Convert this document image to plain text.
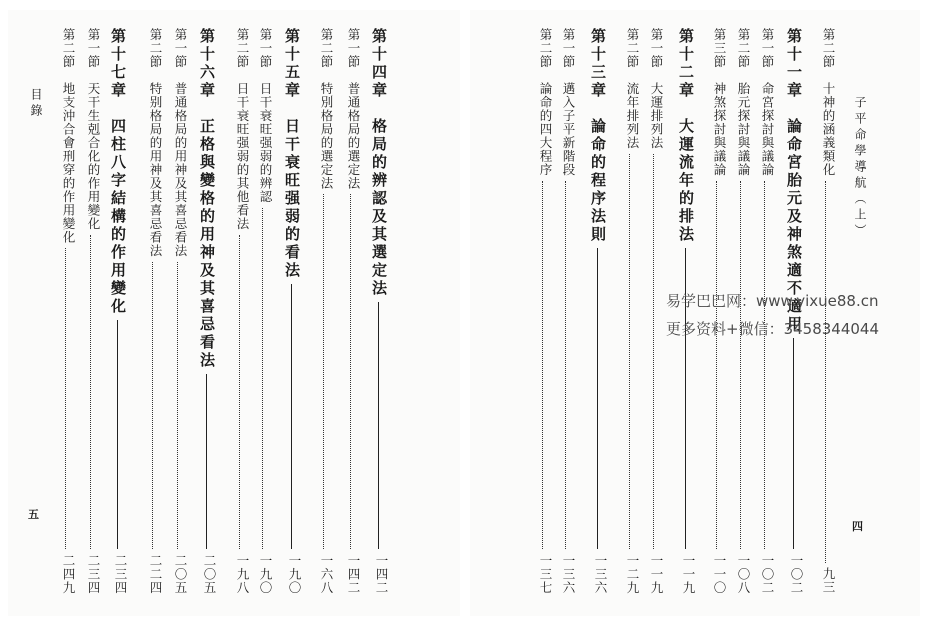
目錄
五
子平命學導航（上）
四
第十四章　格局的辨認及其選定法
一四二
第一節　普通格局的選定法
一四二
第二節　特別格局的選定法
一六八
第十五章　日干衰旺强弱的看法
一九〇
第一節　日干衰旺强弱的辨認
一九〇
第二節　日干衰旺强弱的其他看法
一九八
第十六章　正格與變格的用神及其喜忌看法
二〇五
第一節　普通格局的用神及其喜忌看法
二〇五
第二節　特别格局的用神及其喜忌看法
二二四
第十七章　四柱八字結構的作用變化
二三四
第一節　天干生剋合化的作用變化
二三四
第二節　地支沖合會刑穿的作用變化
二四九
第二節　十神的涵義類化
九三
第十一章　論命宮胎元及神煞適不適用
一〇二
第一節　命宮探討與議論
一〇二
第二節　胎元探討與議論
一〇八
第三節　神煞探討與議論
一一〇
第十二章　大運流年的排法
一一九
第一節　大運排列法
一一九
第二節　流年排列法
一二九
第十三章　論命的程序法則
一三六
第一節　邁入子平新階段
一三六
第二節　論命的四大程序
一三七
易学巴巴网：www.yixue88.cn
更多资料+微信：3458344044
